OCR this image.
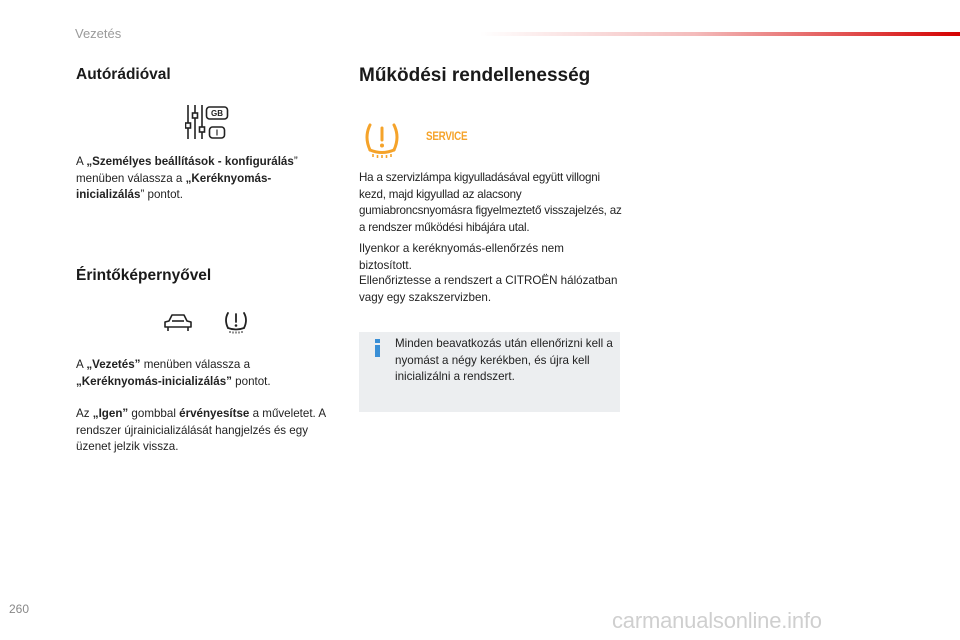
Vezetés
Autórádióval
GB
I
A „Személyes beállítások - konfigurálás” menüben válassza a „Keréknyomás-inicializálás” pontot.
Érintőképernyővel
A „Vezetés” menüben válassza a „Keréknyomás-inicializálás” pontot.
Az „Igen” gombbal érvényesítse a műveletet. A rendszer újrainicializálását hangjelzés és egy üzenet jelzik vissza.
Működési rendellenesség
SERVICE
Ha a szervizlámpa kigyulladásával együtt villogni kezd, majd kigyullad az alacsony gumiabroncsnyomásra figyelmeztető visszajelzés, az a rendszer működési hibájára utal.
Ilyenkor a keréknyomás-ellenőrzés nem biztosított.
Ellenőriztesse a rendszert a CITROËN hálózatban vagy egy szakszervizben.
Minden beavatkozás után ellenőrizni kell a nyomást a négy kerékben, és újra kell inicializálni a rendszert.
260	carmanualsonline.info
